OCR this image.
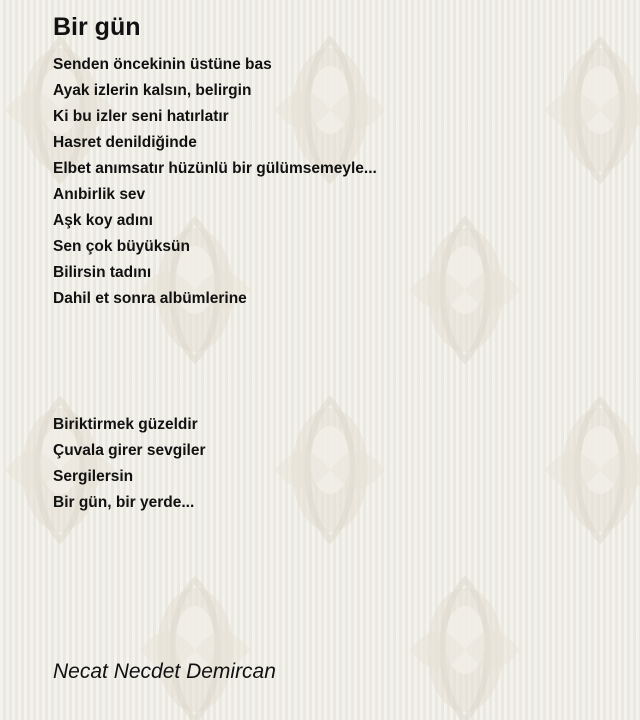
Bir gün
Senden öncekinin üstüne bas
Ayak izlerin kalsın, belirgin
Ki bu izler seni hatırlatır
Hasret denildiğinde
Elbet anımsatır hüzünlü bir gülümsemeyle...
Anıbirlik sev
Aşk koy adını
Sen çok büyüksün
Bilirsin tadını
Dahil et sonra albümlerine
Biriktirmek güzeldir
Çuvala girer sevgiler
Sergilersin
Bir gün, bir yerde...
Necat Necdet Demircan
